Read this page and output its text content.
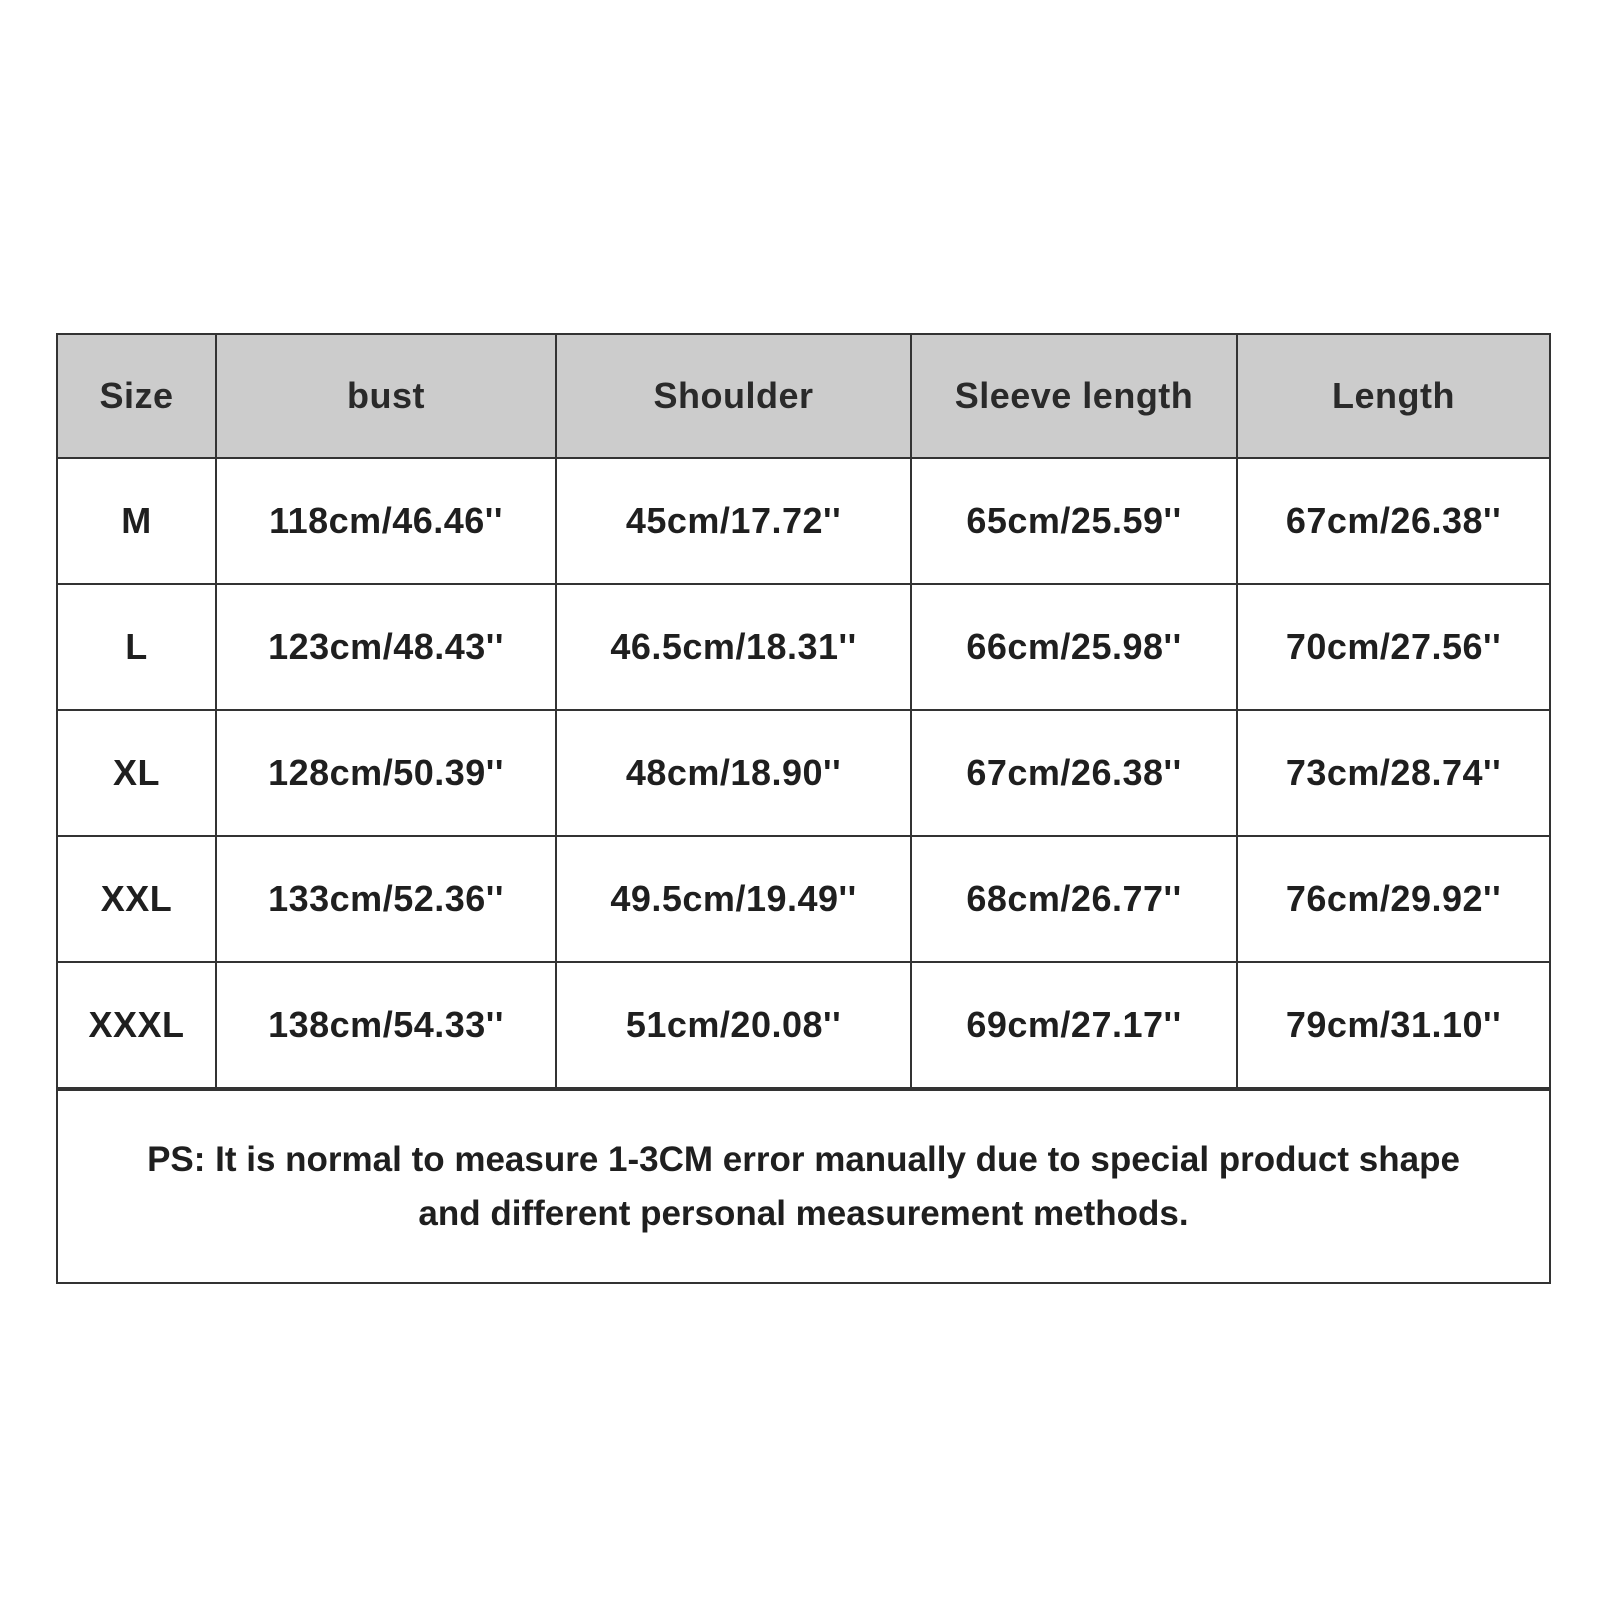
Size	bust	Shoulder	Sleeve length	Length
M	118cm/46.46''	45cm/17.72''	65cm/25.59''	67cm/26.38''
L	123cm/48.43''	46.5cm/18.31''	66cm/25.98''	70cm/27.56''
XL	128cm/50.39''	48cm/18.90''	67cm/26.38''	73cm/28.74''
XXL	133cm/52.36''	49.5cm/19.49''	68cm/26.77''	76cm/29.92''
XXXL	138cm/54.33''	51cm/20.08''	69cm/27.17''	79cm/31.10''
PS: It is normal to measure 1-3CM error manually due to special product shape
and different personal measurement methods.
